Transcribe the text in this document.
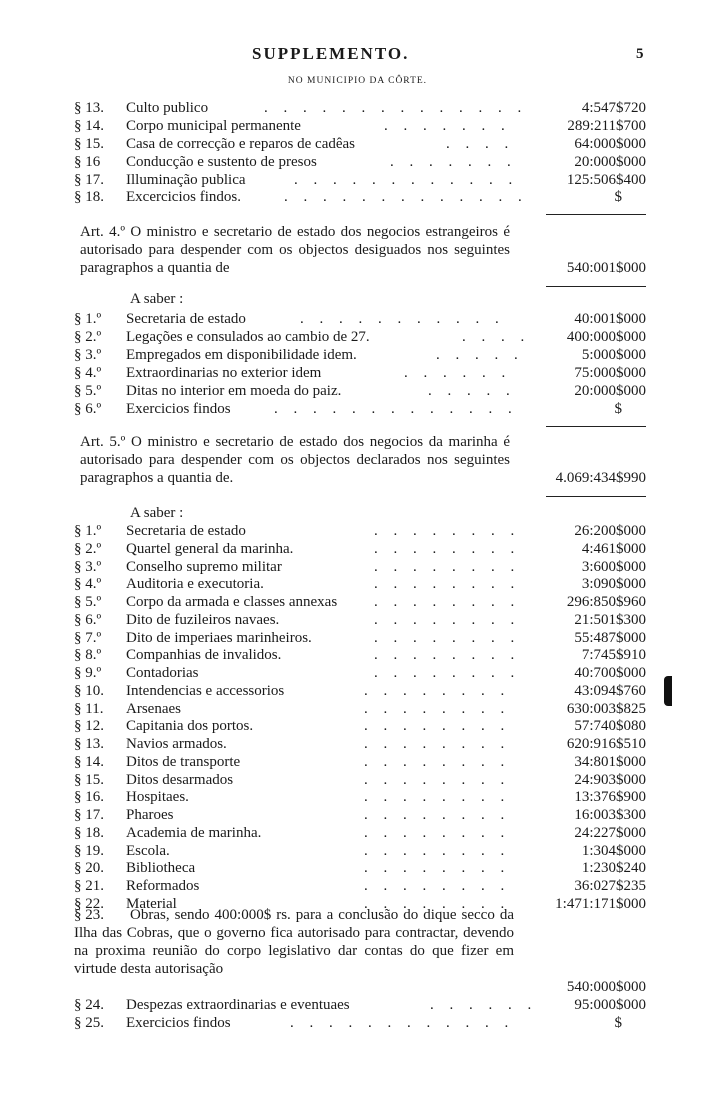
SUPPLEMENTO.	5
NO MUNICIPIO DA CÔRTE.
§ 13. Culto publico	. . . . . . . . . . . . . .	4:547$720
§ 14. Corpo municipal permanente	. . . . . . .	289:211$700
§ 15. Casa de correcção e reparos de cadêas	. . . .	64:000$000
§ 16 Conducção e sustento de presos	. . . . . . .	20:000$000
§ 17. Illuminação publica	. . . . . . . . . . . .	125:506$400
§ 18. Excercicios findos.	. . . . . . . . . . . . .	$
Art. 4.º O ministro e secretario de estado dos negocios estrangeiros é autorisado para despender com os objectos desiguados nos seguintes paragraphos a quantia de	540:001$000
A saber :
§ 1.º Secretaria de estado	. . . . . . . . . . .	40:001$000
§ 2.º Legações e consulados ao cambio de 27.	. . . . 400:000$000
§ 3.º Empregados em disponibilidade idem.	. . . . .	5:000$000
§ 4.º Extraordinarias no exterior idem	. . . . . .	75:000$000
§ 5.º Ditas no interior em moeda do paiz.	. . . . .	20:000$000
§ 6.º Exercicios findos	. . . . . . . . . . . . .	$
Art. 5.º O ministro e secretario de estado dos negocios da marinha é autorisado para despender com os objectos declarados nos seguintes paragraphos a quantia de.	4.069:434$990
A saber :
§ 1.º Secretaria de estado	. . . . . . . .	26:200$000
§ 2.º Quartel general da marinha.	. . . . . . . .	4:461$000
§ 3.º Conselho supremo militar	. . . . . . . .	3:600$000
§ 4.º Auditoria e executoria.	. . . . . . . .	3:090$000
§ 5.º Corpo da armada e classes annexas . . . . . . . .	296:850$960
§ 6.º Dito de fuzileiros navaes.	. . . . . . . .	21:501$300
§ 7.º Dito de imperiaes marinheiros.	. . . . . . . .	55:487$000
§ 8.º Companhias de invalidos.	. . . . . . . .	7:745$910
§ 9.º Contadorias	. . . . . . . .	40:700$000
§ 10. Intendencias e accessorios	. . . . . . . .	43:094$760
§ 11. Arsenaes	. . . . . . . .	630:003$825
§ 12. Capitania dos portos.	. . . . . . . .	57:740$080
§ 13. Navios armados.	. . . . . . . .	620:916$510
§ 14. Ditos de transporte	. . . . . . . .	34:801$000
§ 15. Ditos desarmados	. . . . . . . .	24:903$000
§ 16. Hospitaes.	. . . . . . . .	13:376$900
§ 17. Pharoes	. . . . . . . .	16:003$300
§ 18. Academia de marinha.	. . . . . . . .	24:227$000
§ 19. Escola.	. . . . . . . .	1:304$000
§ 20. Bibliotheca	. . . . . . . .	1:230$240
§ 21. Reformados	. . . . . . . .	36:027$235
§ 22. Material	. . . . . . . .	1:471:171$000
§ 23. Obras, sendo 400:000$ rs. para a conclusão do dique secco da Ilha das Cobras, que o governo fica autorisado para contractar, devendo na proxima reunião do corpo legislativo dar contas do que fizer em virtude desta autorisação
540:000$000
§ 24. Despezas extraordinarias e eventuaes	. . . . . . 95:000$000
§ 25. Exercicios findos	. . . . . . . . . . . .	$
